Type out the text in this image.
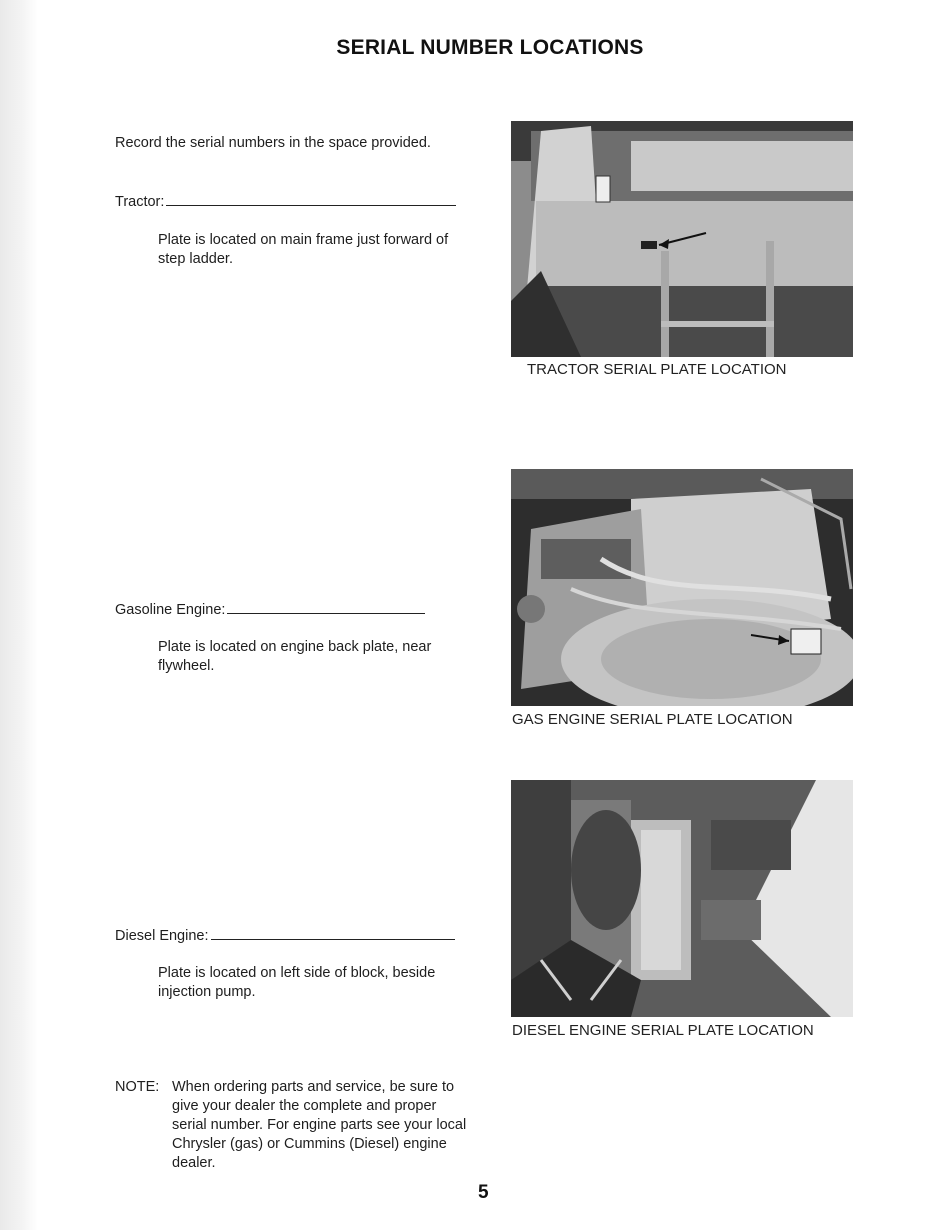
SERIAL NUMBER LOCATIONS
Record the serial numbers in the space provided.
Tractor:
Plate is located on main frame just forward of step ladder.
TRACTOR SERIAL PLATE LOCATION
Gasoline Engine:
Plate is located on engine back plate, near flywheel.
GAS ENGINE SERIAL PLATE LOCATION
Diesel Engine:
Plate is located on left side of block, beside injection pump.
DIESEL ENGINE SERIAL PLATE LOCATION
NOTE: When ordering parts and service, be sure to give your dealer the complete and proper serial number. For engine parts see your local Chrysler (gas) or Cummins (Diesel) engine dealer.
5
